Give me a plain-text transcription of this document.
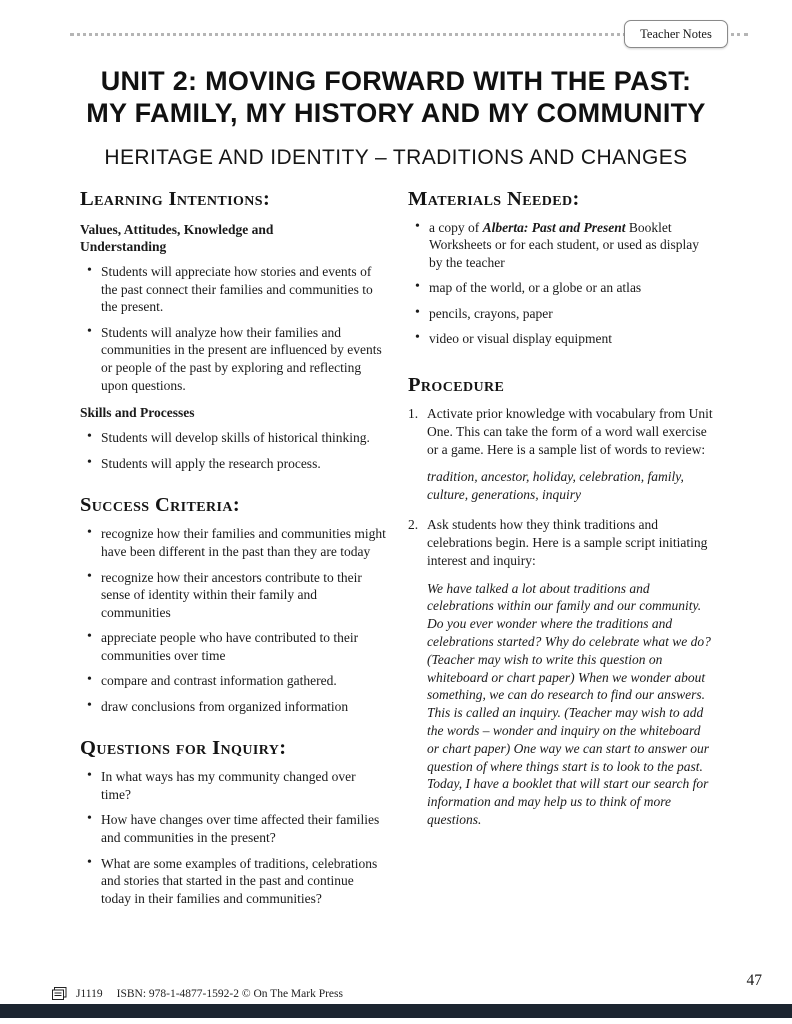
Teacher Notes
UNIT 2: MOVING FORWARD WITH THE PAST:
MY FAMILY, MY HISTORY AND MY COMMUNITY
HERITAGE AND IDENTITY – TRADITIONS AND CHANGES
Learning Intentions:
Values, Attitudes, Knowledge and Understanding
• Students will appreciate how stories and events of the past connect their families and communities to the present.
• Students will analyze how their families and communities in the present are influenced by events or people of the past by exploring and reflecting upon questions.
Skills and Processes
• Students will develop skills of historical thinking.
• Students will apply the research process.
Success Criteria:
• recognize how their families and communities might have been different in the past than they are today
• recognize how their ancestors contribute to their sense of identity within their family and communities
• appreciate people who have contributed to their communities over time
• compare and contrast information gathered.
• draw conclusions from organized information
Questions for Inquiry:
• In what ways has my community changed over time?
• How have changes over time affected their families and communities in the present?
• What are some examples of traditions, celebrations and stories that started in the past and continue today in their families and communities?
Materials Needed:
• a copy of Alberta: Past and Present Booklet Worksheets or for each student, or used as display by the teacher
• map of the world, or a globe or an atlas
• pencils, crayons, paper
• video or visual display equipment
Procedure
1. Activate prior knowledge with vocabulary from Unit One. This can take the form of a word wall exercise or a game. Here is a sample list of words to review:
tradition, ancestor, holiday, celebration, family, culture, generations, inquiry
2. Ask students how they think traditions and celebrations begin. Here is a sample script initiating interest and inquiry:
We have talked a lot about traditions and celebrations within our family and our community. Do you ever wonder where the traditions and celebrations started? Why do celebrate what we do? (Teacher may wish to write this question on whiteboard or chart paper) When we wonder about something, we can do research to find our answers. This is called an inquiry. (Teacher may wish to add the words – wonder and inquiry on the whiteboard or chart paper) One way we can start to answer our question of where things start is to look to the past. Today, I have a booklet that will start our search for information and may help us to think of more questions.
J1119 ISBN: 978-1-4877-1592-2 © On The Mark Press
47
